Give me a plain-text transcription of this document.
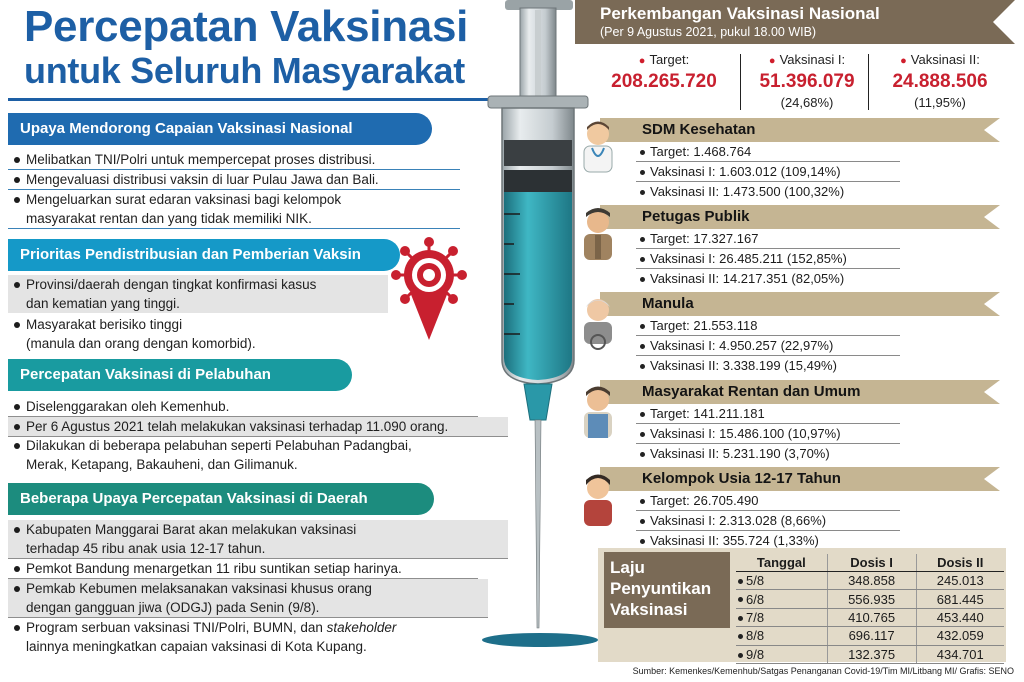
Percepatan Vaksinasi
untuk Seluruh Masyarakat
Upaya Mendorong Capaian Vaksinasi Nasional
Melibatkan TNI/Polri untuk mempercepat proses distribusi.
Mengevaluasi distribusi vaksin di luar Pulau Jawa dan Bali.
Mengeluarkan surat edaran vaksinasi bagi kelompok
masyarakat rentan dan yang tidak memiliki NIK.
Prioritas Pendistribusian dan Pemberian Vaksin
Provinsi/daerah dengan tingkat konfirmasi kasus
dan kematian yang tinggi.
Masyarakat berisiko tinggi
(manula dan orang dengan komorbid).
Percepatan Vaksinasi di Pelabuhan
Diselenggarakan oleh Kemenhub.
Per 6 Agustus 2021 telah melakukan vaksinasi terhadap 11.090 orang.
Dilakukan di beberapa pelabuhan seperti Pelabuhan Padangbai,
Merak, Ketapang, Bakauheni, dan Gilimanuk.
Beberapa Upaya Percepatan Vaksinasi di Daerah
Kabupaten Manggarai Barat akan melakukan vaksinasi
terhadap 45 ribu anak usia 12-17 tahun.
Pemkot Bandung menargetkan 11 ribu suntikan setiap harinya.
Pemkab Kebumen melaksanakan vaksinasi khusus orang
dengan gangguan jiwa (ODGJ) pada Senin (9/8).
Program serbuan vaksinasi TNI/Polri, BUMN, dan stakeholder
lainnya meningkatkan capaian vaksinasi di Kota Kupang.
Perkembangan Vaksinasi Nasional
(Per 9 Agustus 2021, pukul 18.00 WIB)
● Target:
208.265.720
● Vaksinasi I:
51.396.079
(24,68%)
● Vaksinasi II:
24.888.506
(11,95%)
SDM Kesehatan
Target: 1.468.764
Vaksinasi I: 1.603.012 (109,14%)
Vaksinasi II: 1.473.500 (100,32%)
Petugas Publik
Target: 17.327.167
Vaksinasi I: 26.485.211 (152,85%)
Vaksinasi II: 14.217.351 (82,05%)
Manula
Target: 21.553.118
Vaksinasi I: 4.950.257 (22,97%)
Vaksinasi II: 3.338.199 (15,49%)
Masyarakat Rentan dan Umum
Target: 141.211.181
Vaksinasi I: 15.486.100 (10,97%)
Vaksinasi II: 5.231.190 (3,70%)
Kelompok Usia 12-17 Tahun
Target: 26.705.490
Vaksinasi I: 2.313.028 (8,66%)
Vaksinasi II: 355.724 (1,33%)
Laju
Penyuntikan
Vaksinasi
Tanggal	Dosis I	Dosis II
5/8	348.858	245.013
6/8	556.935	681.445
7/8	410.765	453.440
8/8	696.117	432.059
9/8	132.375	434.701
Sumber: Kemenkes/Kemenhub/Satgas Penanganan Covid-19/Tim MI/Litbang MI/ Grafis: SENO
